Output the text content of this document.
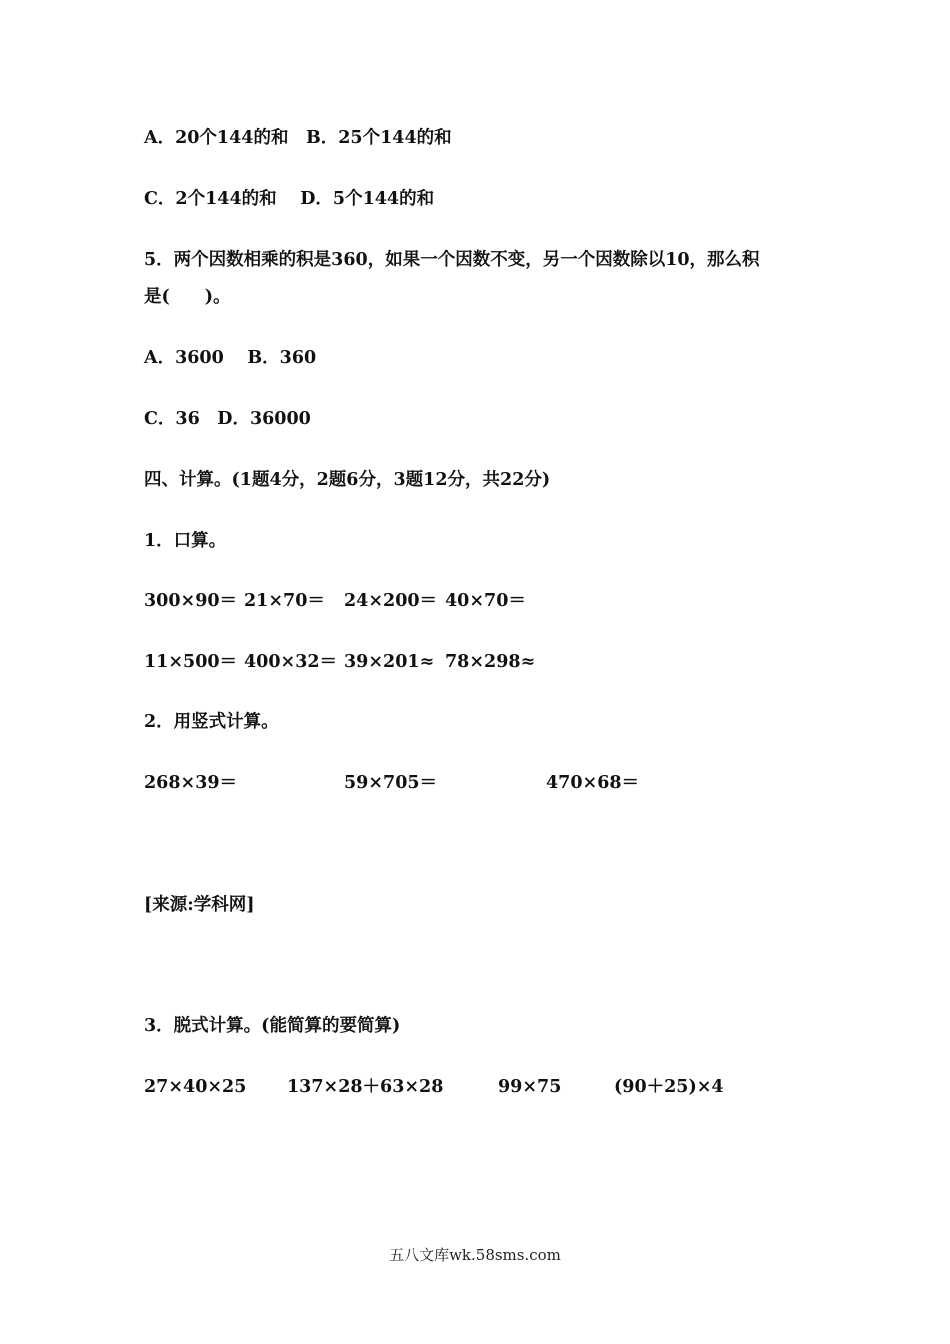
A．20个144的和　B．25个144的和
C．2个144的和　 D．5个144的和
5．两个因数相乘的积是360，如果一个因数不变，另一个因数除以10，那么积
是(　　)。
A．3600　 B．360
C．36　D．36000
四、计算。(1题4分，2题6分，3题12分，共22分)
1．口算。
300×90＝ 21×70＝ 24×200＝ 40×70＝
11×500＝ 400×32＝ 39×201≈ 78×298≈
2．用竖式计算。
268×39＝	59×705＝	470×68＝
[来源:学科网]
3．脱式计算。(能简算的要简算)
27×40×25 137×28＋63×28	99×75	(90＋25)×4
五八文库wk.58sms.com
